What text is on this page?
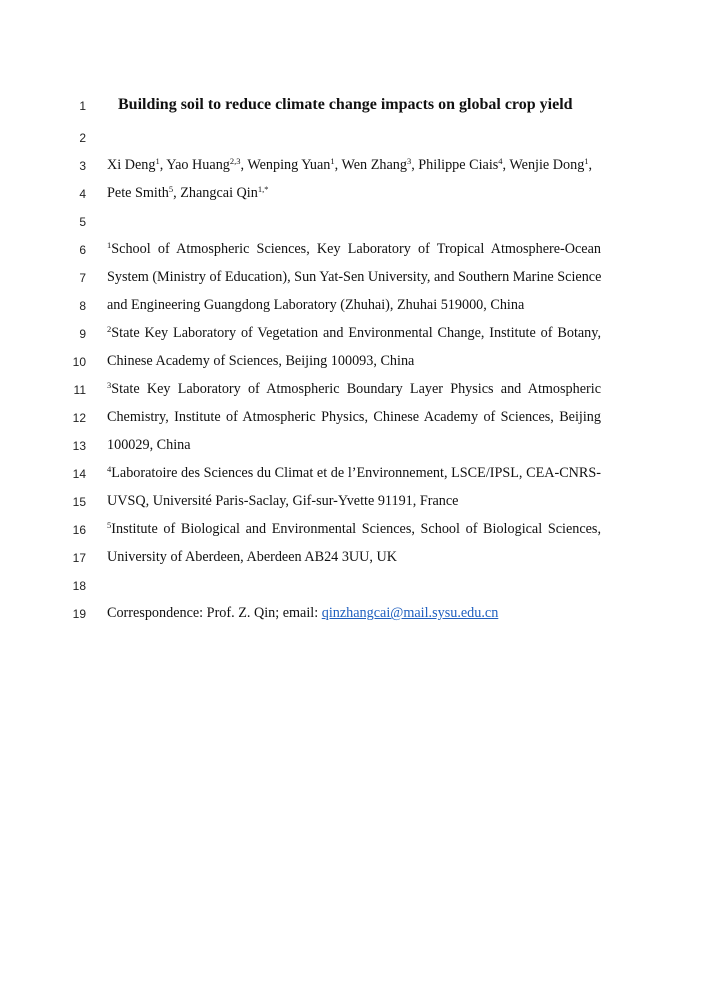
1 Building soil to reduce climate change impacts on global crop yield
2
3 Xi Deng$^1$, Yao Huang$^{2,3}$, Wenping Yuan$^1$, Wen Zhang$^3$, Philippe Ciais$^4$, Wenjie Dong$^1$,
4 Pete Smith$^5$, Zhangcai Qin$^{1,*}$
5
6 $^1$School of Atmospheric Sciences, Key Laboratory of Tropical Atmosphere-Ocean
7 System (Ministry of Education), Sun Yat-Sen University, and Southern Marine Science
8 and Engineering Guangdong Laboratory (Zhuhai), Zhuhai 519000, China
9 $^2$State Key Laboratory of Vegetation and Environmental Change, Institute of Botany,
10 Chinese Academy of Sciences, Beijing 100093, China
11 $^3$State Key Laboratory of Atmospheric Boundary Layer Physics and Atmospheric
12 Chemistry, Institute of Atmospheric Physics, Chinese Academy of Sciences, Beijing
13 100029, China
14 $^4$Laboratoire des Sciences du Climat et de l’Environnement, LSCE/IPSL, CEA-CNRS-
15 UVSQ, Université Paris-Saclay, Gif-sur-Yvette 91191, France
16 $^5$Institute of Biological and Environmental Sciences, School of Biological Sciences,
17 University of Aberdeen, Aberdeen AB24 3UU, UK
18
19 Correspondence: Prof. Z. Qin; email: qinzhangcai@mail.sysu.edu.cn
